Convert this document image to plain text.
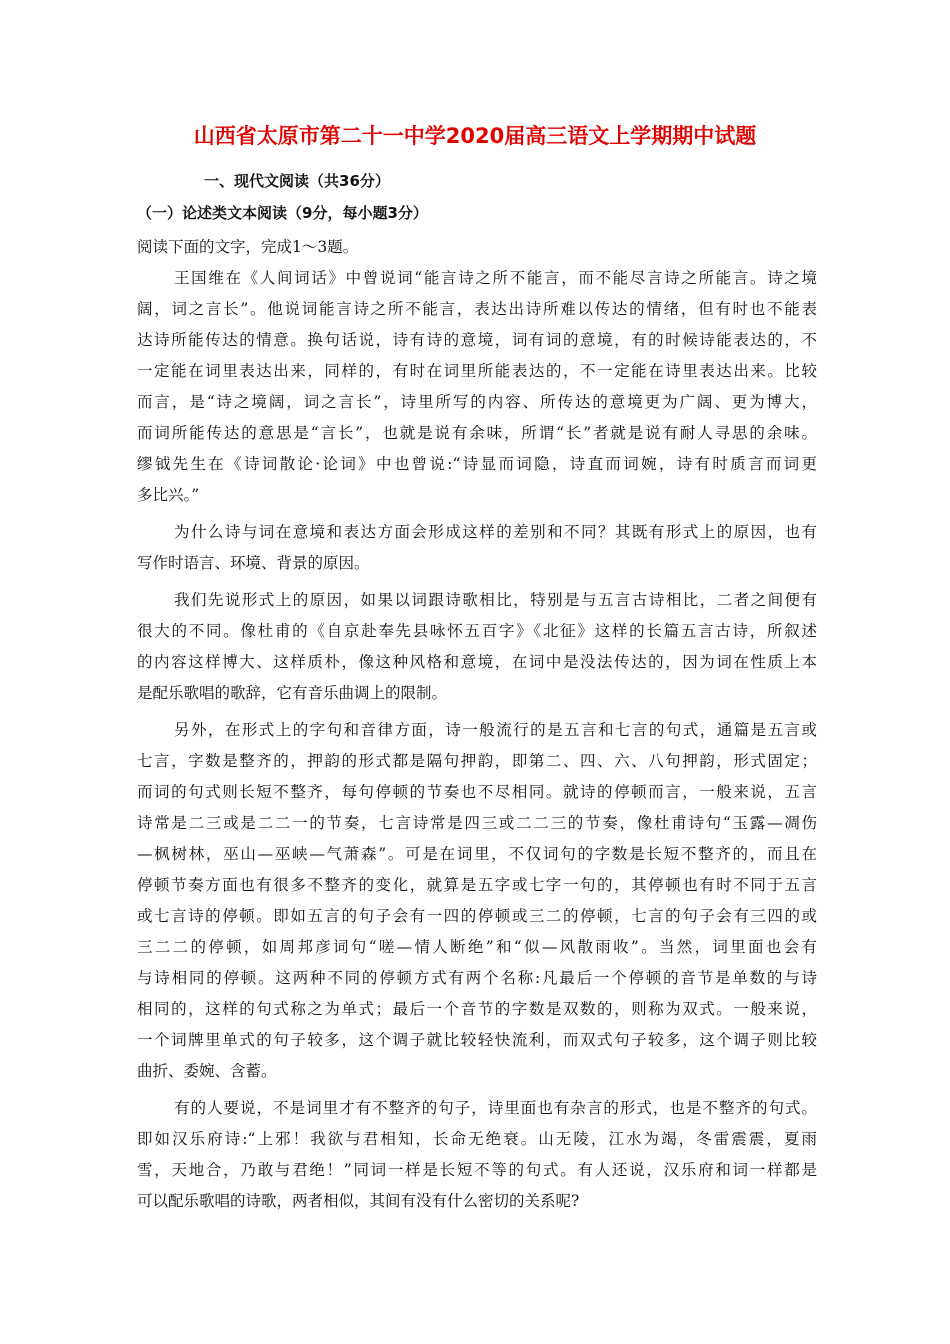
山西省太原市第二十一中学2020届高三语文上学期期中试题
一、现代文阅读（共36分）
（一）论述类文本阅读（9分，每小题3分）
阅读下面的文字，完成1～3题。
王国维在《人间词话》中曾说词“能言诗之所不能言，而不能尽言诗之所能言。诗之境
阔，词之言长”。他说词能言诗之所不能言，表达出诗所难以传达的情绪，但有时也不能表
达诗所能传达的情意。换句话说，诗有诗的意境，词有词的意境，有的时候诗能表达的，不
一定能在词里表达出来，同样的，有时在词里所能表达的，不一定能在诗里表达出来。比较
而言，是“诗之境阔，词之言长”，诗里所写的内容、所传达的意境更为广阔、更为博大，
而词所能传达的意思是“言长”，也就是说有余味，所谓“长”者就是说有耐人寻思的余味。
缪钺先生在《诗词散论·论词》中也曾说:“诗显而词隐，诗直而词婉，诗有时质言而词更
多比兴。”
为什么诗与词在意境和表达方面会形成这样的差别和不同？其既有形式上的原因，也有
写作时语言、环境、背景的原因。
我们先说形式上的原因，如果以词跟诗歌相比，特别是与五言古诗相比，二者之间便有
很大的不同。像杜甫的《自京赴奉先县咏怀五百字》《北征》这样的长篇五言古诗，所叙述
的内容这样博大、这样质朴，像这种风格和意境，在词中是没法传达的，因为词在性质上本
是配乐歌唱的歌辞，它有音乐曲调上的限制。
另外，在形式上的字句和音律方面，诗一般流行的是五言和七言的句式，通篇是五言或
七言，字数是整齐的，押韵的形式都是隔句押韵，即第二、四、六、八句押韵，形式固定；
而词的句式则长短不整齐，每句停顿的节奏也不尽相同。就诗的停顿而言，一般来说，五言
诗常是二三或是二二一的节奏，七言诗常是四三或二二三的节奏，像杜甫诗句“玉露—凋伤
—枫树林，巫山—巫峡—气萧森”。可是在词里，不仅词句的字数是长短不整齐的，而且在
停顿节奏方面也有很多不整齐的变化，就算是五字或七字一句的，其停顿也有时不同于五言
或七言诗的停顿。即如五言的句子会有一四的停顿或三二的停顿，七言的句子会有三四的或
三二二的停顿，如周邦彦词句“嗟—情人断绝”和“似—风散雨收”。当然，词里面也会有
与诗相同的停顿。这两种不同的停顿方式有两个名称:凡最后一个停顿的音节是单数的与诗
相同的，这样的句式称之为单式；最后一个音节的字数是双数的，则称为双式。一般来说，
一个词牌里单式的句子较多，这个调子就比较轻快流利，而双式句子较多，这个调子则比较
曲折、委婉、含蓄。
有的人要说，不是词里才有不整齐的句子，诗里面也有杂言的形式，也是不整齐的句式。
即如汉乐府诗:“上邪！我欲与君相知，长命无绝衰。山无陵，江水为竭，冬雷震震，夏雨
雪，天地合，乃敢与君绝！”同词一样是长短不等的句式。有人还说，汉乐府和词一样都是
可以配乐歌唱的诗歌，两者相似，其间有没有什么密切的关系呢?
